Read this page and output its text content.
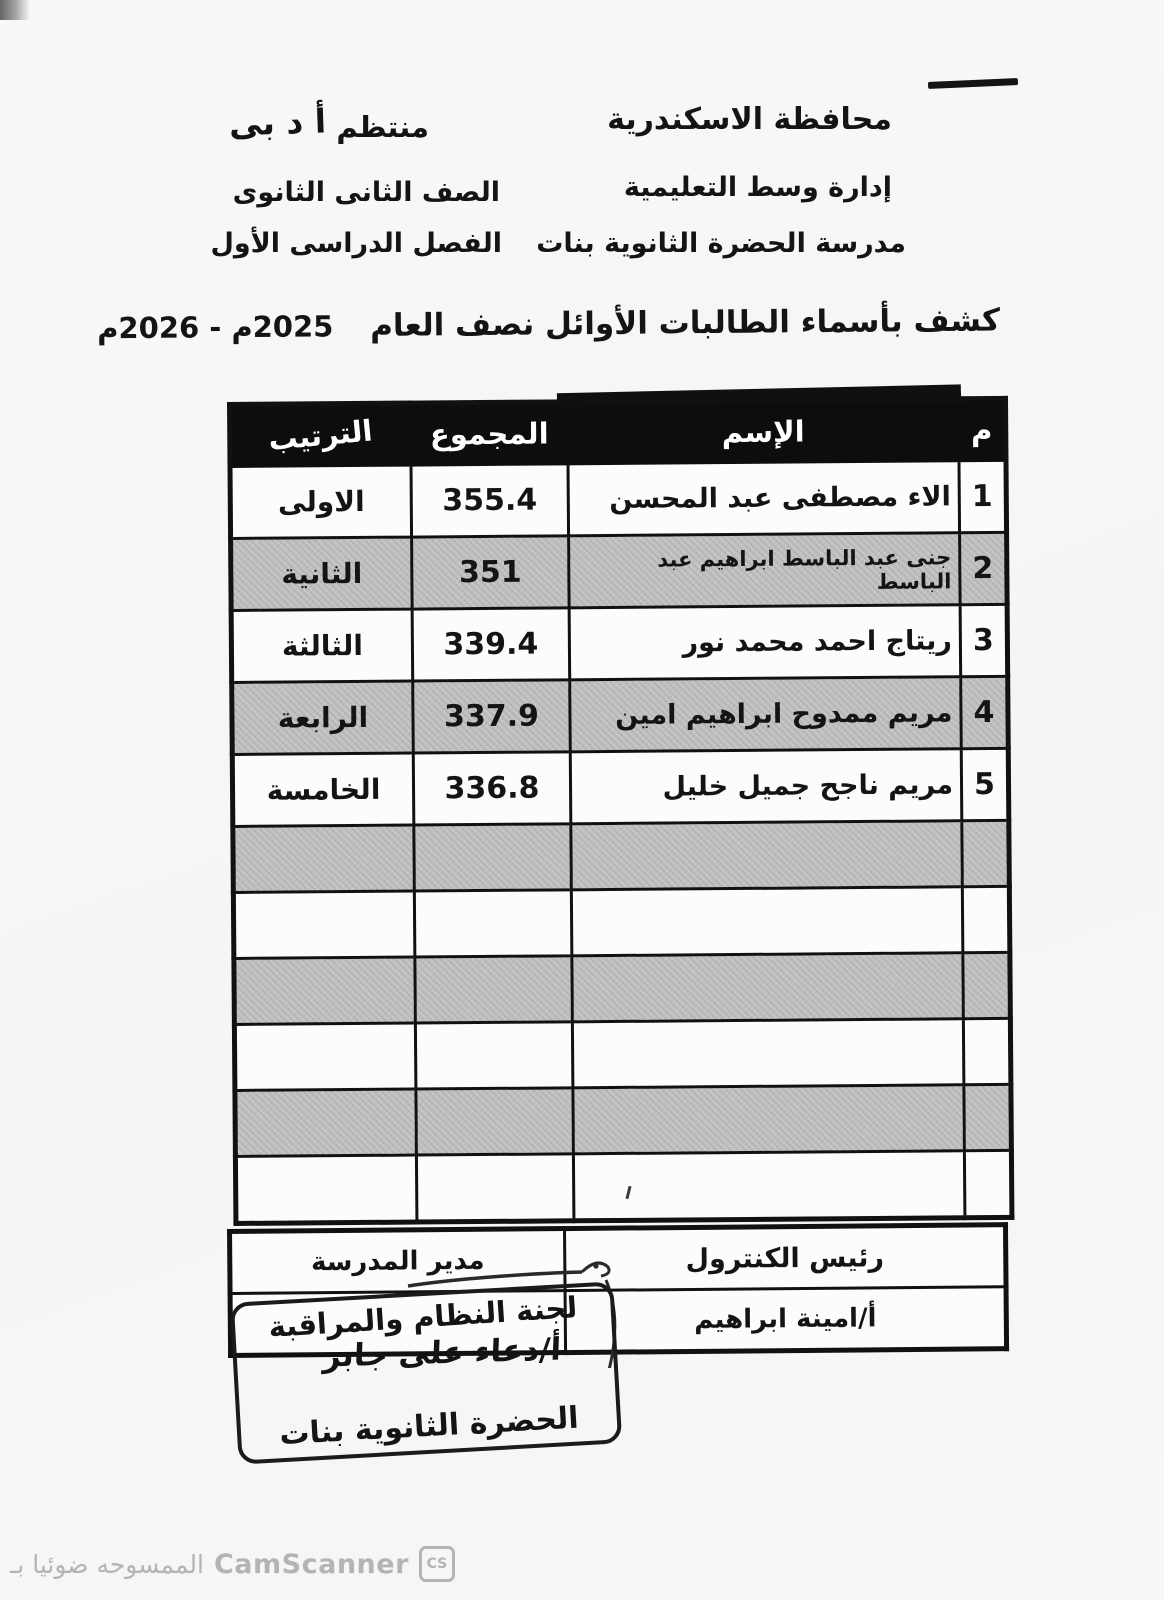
محافظة الاسكندرية
إدارة وسط التعليمية
مدرسة الحضرة الثانوية بنات
منتظم أ د بى
الصف الثانى الثانوى
الفصل الدراسى الأول
كشف بأسماء الطالبات الأوائل نصف العام 2025م - 2026م
م	الإسم	المجموع	الترتيب
1	الاء مصطفى عبد المحسن	355.4	الاولى
2	جنى عبد الباسط ابراهيم عبد الباسط	351	الثانية
3	ريتاج احمد محمد نور	339.4	الثالثة
4	مريم ممدوح ابراهيم امين	337.9	الرابعة
5	مريم ناجح جميل خليل	336.8	الخامسة

رئيس الكنترول	مدير المدرسة
أ/امينة ابراهيم	
لجنة النظام والمراقبة
أ/دعاء على جابر
الحضرة الثانوية بنات
الممسوحه ضوئيا بـ CamScanner	CS
